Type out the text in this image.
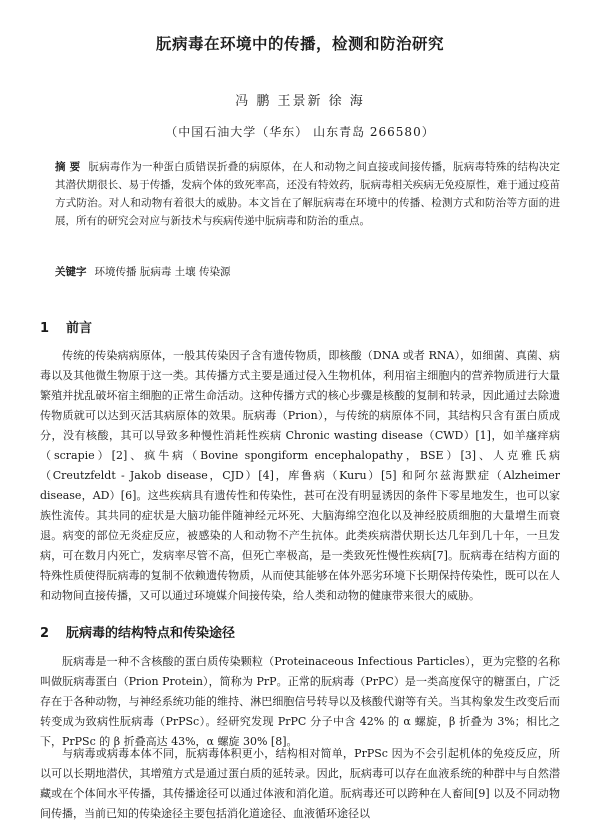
朊病毒在环境中的传播，检测和防治研究
冯 鹏 王景新 徐 海
（中国石油大学（华东） 山东青岛 266580）
摘 要 朊病毒作为一种蛋白质错误折叠的病原体，在人和动物之间直接或间接传播，朊病毒特殊的结构决定其潜伏期很长、易于传播，发病个体的致死率高，还没有特效药，朊病毒相关疾病无免疫原性，难于通过疫苗方式防治。对人和动物有着很大的威胁。本文旨在了解朊病毒在环境中的传播、检测方式和防治等方面的进展，所有的研究会对应与新技术与疾病传递中朊病毒和防治的重点。
关键字 环境传播 朊病毒 土壤 传染源
1 前言
传统的传染病病原体，一般其传染因子含有遗传物质，即核酸（DNA 或者 RNA），如细菌、真菌、病毒以及其他微生物原于这一类。其传播方式主要是通过侵入生物机体，利用宿主细胞内的营养物质进行大量繁殖并扰乱破坏宿主细胞的正常生命活动。这种传播方式的核心步骤是核酸的复制和转录，因此通过去除遗传物质就可以达到灭活其病原体的效果。朊病毒（Prion），与传统的病原体不同，其结构只含有蛋白质成分，没有核酸，其可以导致多种慢性消耗性疾病 Chronic wasting disease（CWD）[1]，如羊瘙痒病（scrapie）[2]、疯牛病（Bovine spongiform encephalopathy，BSE）[3]、人克雅氏病（Creutzfeldt - Jakob disease，CJD）[4]，库鲁病（Kuru）[5] 和阿尔兹海默症（Alzheimer disease，AD）[6]。这些疾病具有遗传性和传染性，甚可在没有明显诱因的条件下零星地发生，也可以家族性流传。其共同的症状是大脑功能伴随神经元坏死、大脑海绵空泡化以及神经胶质细胞的大量增生而衰退。病变的部位无炎症反应，被感染的人和动物不产生抗体。此类疾病潜伏期长达几年到几十年，一旦发病，可在数月内死亡，发病率尽管不高，但死亡率极高，是一类致死性慢性疾病[7]。朊病毒在结构方面的特殊性质使得朊病毒的复制不依赖遗传物质，从而使其能够在体外恶劣环境下长期保持传染性，既可以在人和动物间直接传播，又可以通过环境媒介间接传染，给人类和动物的健康带来很大的威胁。
2 朊病毒的结构特点和传染途径
朊病毒是一种不含核酸的蛋白质传染颗粒（Proteinaceous Infectious Particles），更为完整的名称叫做朊病毒蛋白（Prion Protein），简称为 PrP。正常的朊病毒（PrPC）是一类高度保守的糖蛋白，广泛存在于各种动物，与神经系统功能的维持、淋巴细胞信号转导以及核酸代谢等有关。当其构象发生改变后而转变成为致病性朊病毒（PrPSc）。经研究发现 PrPC 分子中含 42% 的 α 螺旋，β 折叠为 3%；相比之下，PrPSc 的 β 折叠高达 43%，α 螺旋 30% [8]。
与病毒或病毒本体不同，朊病毒体积更小，结构相对简单，PrPSc 因为不会引起机体的免疫反应，所以可以长期地潜伏，其增殖方式是通过蛋白质的延转录。因此，朊病毒可以存在血液系统的种群中与自然潜藏或在个体间水平传播，其传播途径可以通过体液和消化道。朊病毒还可以跨种在人畜间[9] 以及不同动物间传播，当前已知的传染途径主要包括消化道途径、血液循环途径以
